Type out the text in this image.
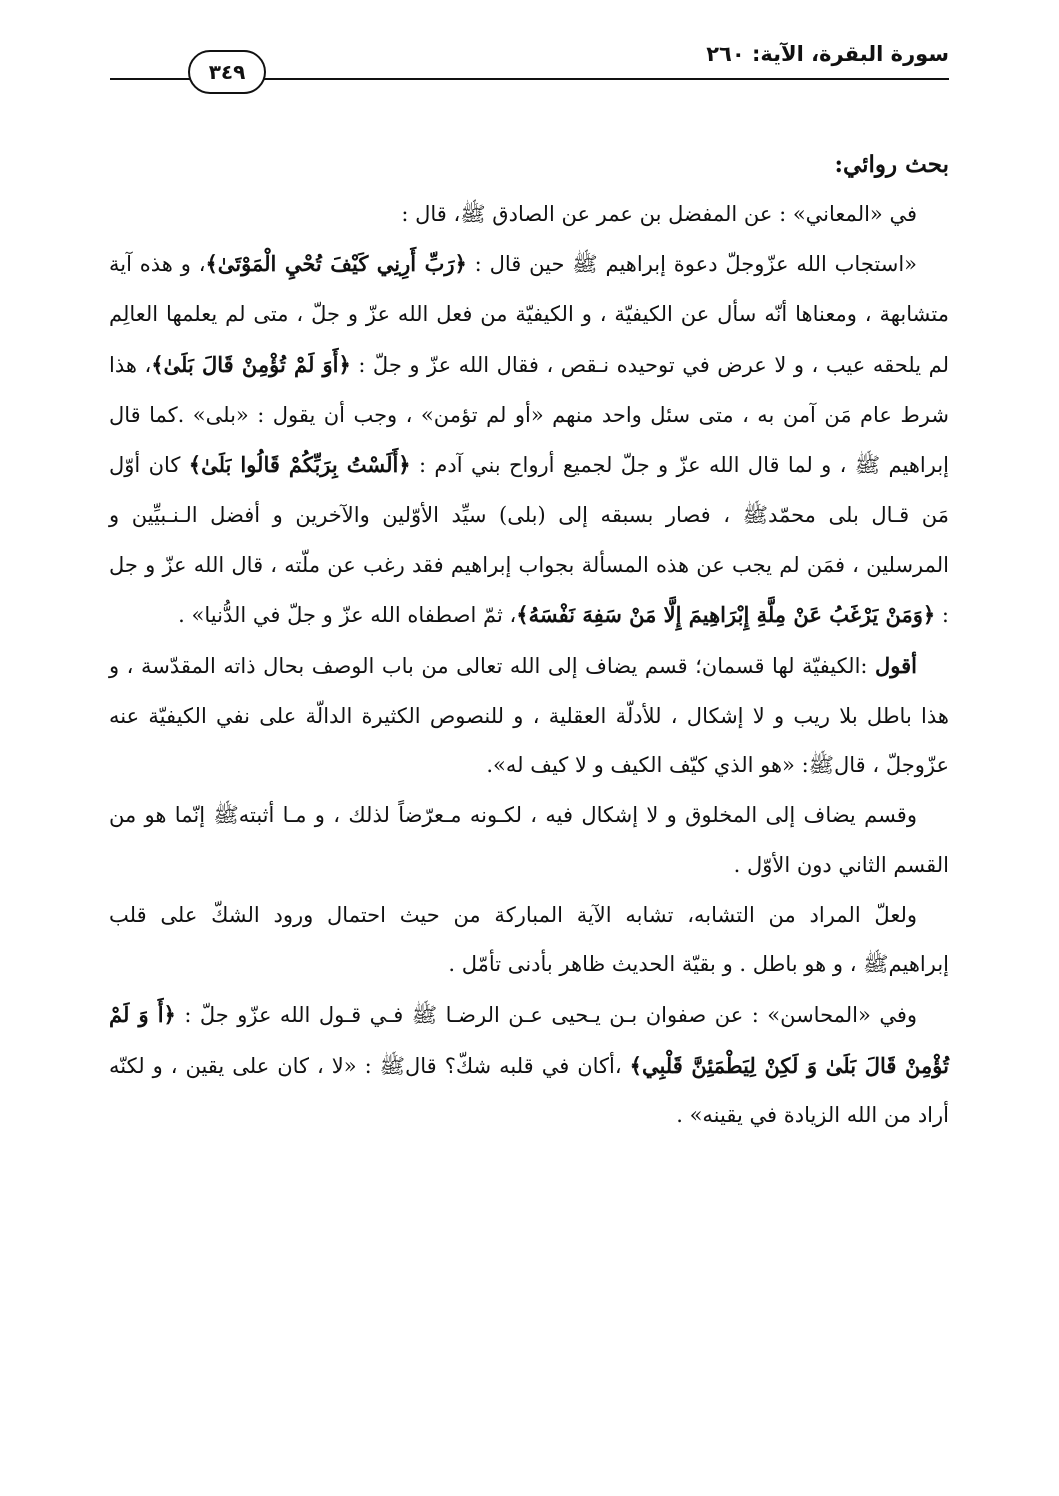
سورة البقرة، الآية: ٢٦٠
٣٤٩

بحث روائي:

في «المعاني» : عن المفضل بن عمر عن الصادق ﷺ، قال :

«استجاب الله عزّوجلّ دعوة إبراهيم ﷺ حين قال : ﴿رَبِّ أَرِنِي كَيْفَ تُحْيِ الْمَوْتَىٰ﴾، و هذه آية متشابهة ، ومعناها أنّه سأل عن الكيفيّة ، و الكيفيّة من فعل الله عزّ و جلّ ، متى لم يعلمها العالِم لم يلحقه عيب ، و لا عرض في توحيده نـقص ، فقال الله عزّ و جلّ : ﴿أَوَ لَمْ تُؤْمِنْ قَالَ بَلَىٰ﴾، هذا شرط عام مَن آمن به ، متى سئل واحد منهم «أو لم تؤمن» ، وجب أن يقول : «بلى» .كما قال إبراهيم ﷺ ، و لما قال الله عزّ و جلّ لجميع أرواح بني آدم : ﴿أَلَسْتُ بِرَبِّكُمْ قَالُوا بَلَىٰ﴾ كان أوّل مَن قـال بلى محمّدﷺ ، فصار بسبقه إلى (بلى) سيِّد الأوّلين والآخرين و أفضل الـنـبيِّين و المرسلين ، فمَن لم يجب عن هذه المسألة بجواب إبراهيم فقد رغب عن ملّته ، قال الله عزّ و جل : ﴿وَمَنْ يَرْغَبُ عَنْ مِلَّةِ إِبْرَاهِيمَ إِلَّا مَنْ سَفِهَ نَفْسَهُ﴾، ثمّ اصطفاه الله عزّ و جلّ في الدُّنيا» .

أقول :الكيفيّة لها قسمان؛ قسم يضاف إلى الله تعالى من باب الوصف بحال ذاته المقدّسة ، و هذا باطل بلا ريب و لا إشكال ، للأدلّة العقلية ، و للنصوص الكثيرة الدالّة على نفي الكيفيّة عنه عزّوجلّ ، قالﷺ: «هو الذي كيّف الكيف و لا كيف له».

وقسم يضاف إلى المخلوق و لا إشكال فيه ، لكـونه مـعرّضاً لذلك ، و مـا أثبتهﷺ إنّما هو من القسم الثاني دون الأوّل .

ولعلّ المراد من التشابه، تشابه الآية المباركة من حيث احتمال ورود الشكّ على قلب إبراهيمﷺ ، و هو باطل . و بقيّة الحديث ظاهر بأدنى تأمّل .

وفي «المحاسن» : عن صفوان بـن يـحيى عـن الرضـا ﷺ فـي قـول الله عزّو جلّ : ﴿أَ وَ لَمْ تُؤْمِنْ قَالَ بَلَىٰ وَ لَكِنْ لِيَطْمَئِنَّ قَلْبِي﴾ ،أكان في قلبه شكّ؟ قالﷺ : «لا ، كان على يقين ، و لكنّه أراد من الله الزيادة في يقينه» .
